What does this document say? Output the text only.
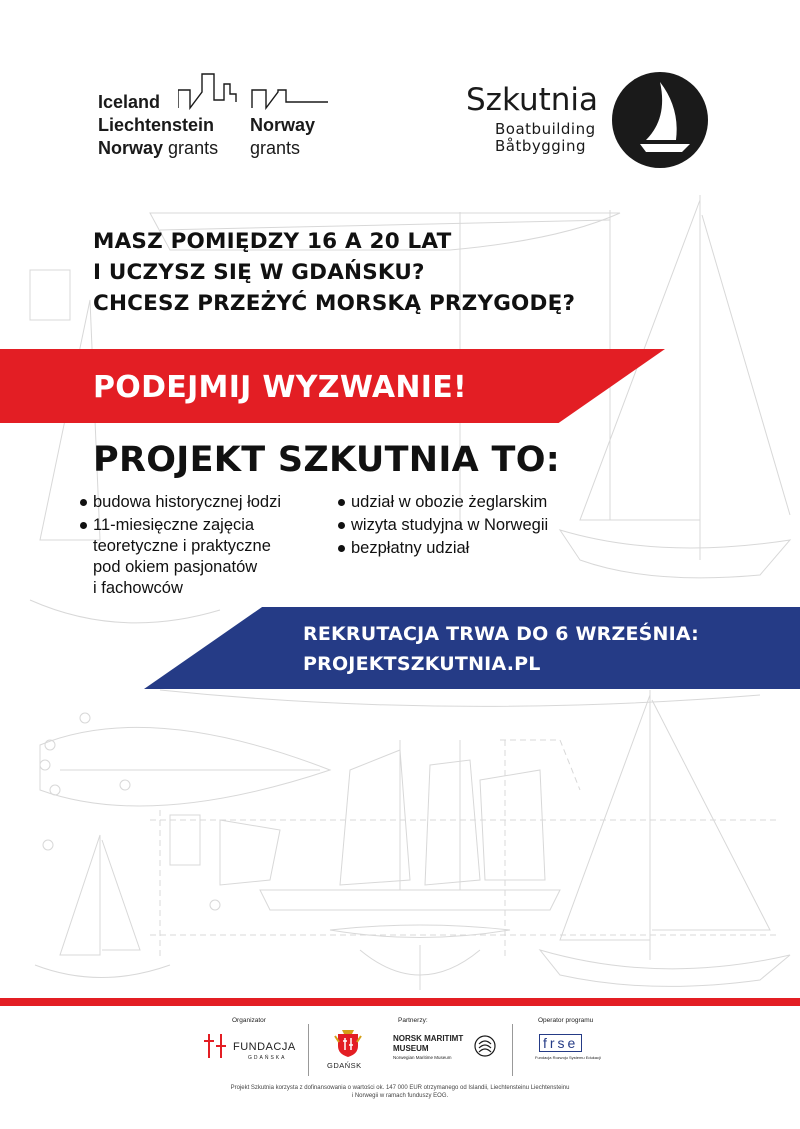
Iceland
Liechtenstein
Norway grants
Norway
grants
Szkutnia
Boatbuilding
Båtbygging
MASZ POMIĘDZY 16 A 20 LAT
I UCZYSZ SIĘ W GDAŃSKU?
CHCESZ PRZEŻYĆ MORSKĄ PRZYGODĘ?
PODEJMIJ WYZWANIE!
PROJEKT SZKUTNIA TO:
budowa historycznej łodzi
11-miesięczne zajęcia
teoretyczne i praktyczne
pod okiem pasjonatów
i fachowców
udział w obozie żeglarskim
wizyta studyjna w Norwegii
bezpłatny udział
REKRUTACJA TRWA DO 6 WRZEŚNIA:
PROJEKTSZKUTNIA.PL
Organizator	Partnerzy:	Operator programu
FUNDACJA
GDAŃSKA
GDAŃSK
NORSK MARITIMT
MUSEUM
Norwegian Maritime Museum
frse
Fundacja Rozwoju Systemu Edukacji
Projekt Szkutnia korzysta z dofinansowania o wartości ok. 147 000 EUR otrzymanego od Islandii, Liechtensteinu Liechtensteinu
i Norwegii w ramach funduszy EOG.
